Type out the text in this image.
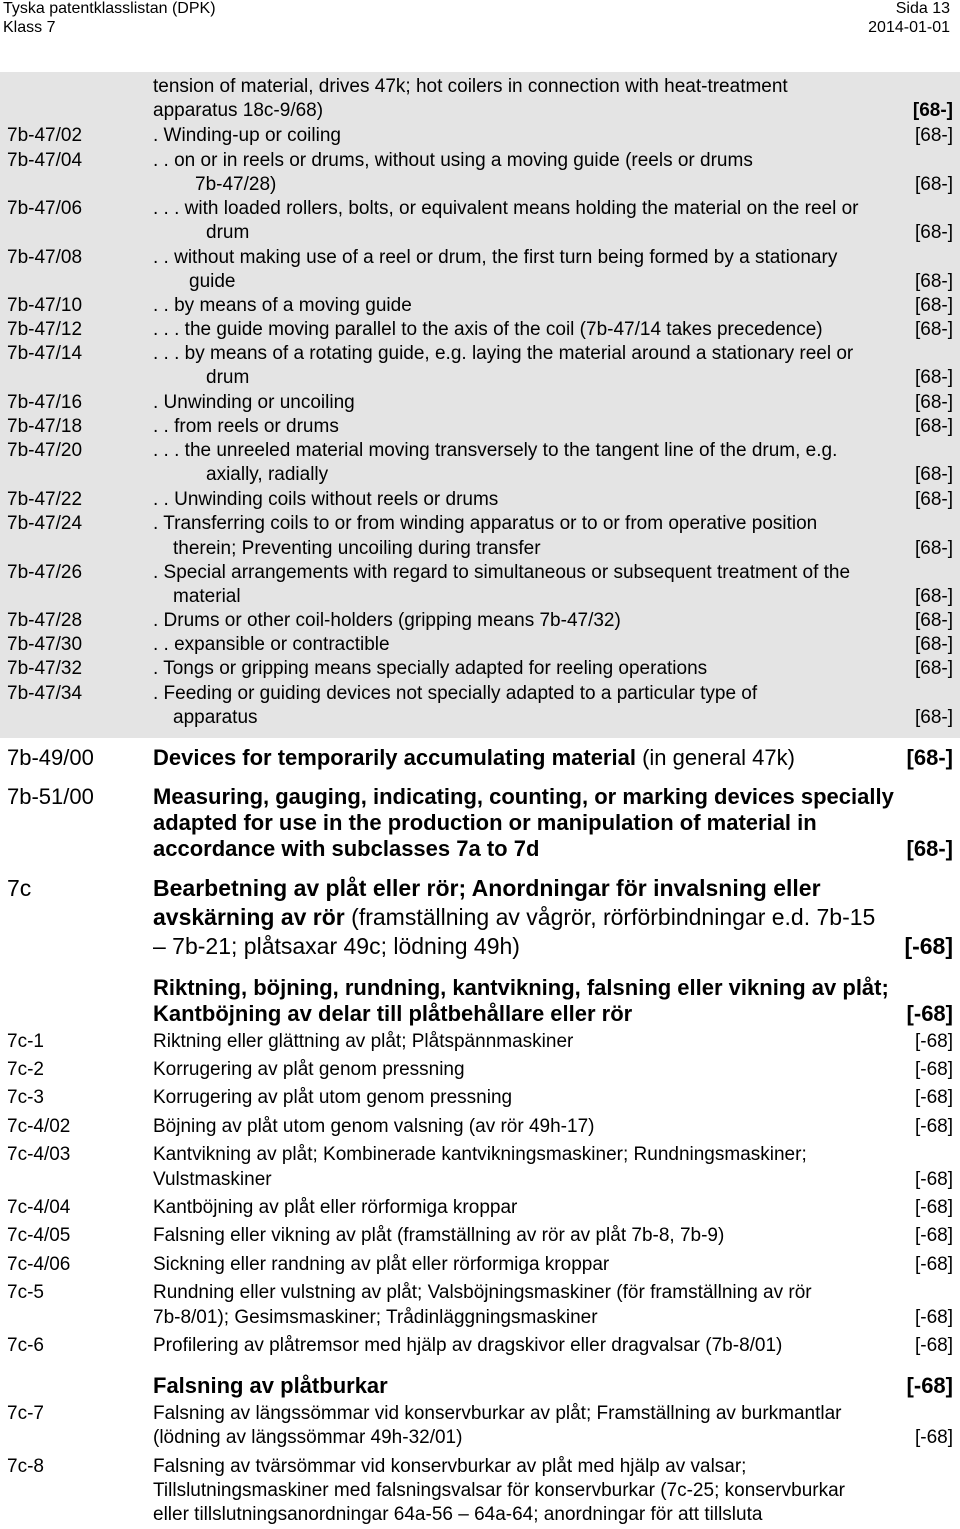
Tyska patentklasslistan (DPK)
Klass 7
Sida 13
2014-01-01
tension of material, drives 47k; hot coilers in connection with heat-treatment
apparatus 18c-9/68)	[68-]
7b-47/02	. Winding-up or coiling	[68-]
7b-47/04	. . on or in reels or drums, without using a moving guide (reels or drums
7b-47/28)	[68-]
7b-47/06	. . . with loaded rollers, bolts, or equivalent means holding the material on the reel or
drum	[68-]
7b-47/08	. . without making use of a reel or drum, the first turn being formed by a stationary
guide	[68-]
7b-47/10	. . by means of a moving guide	[68-]
7b-47/12	. . . the guide moving parallel to the axis of the coil (7b-47/14 takes precedence)	[68-]
7b-47/14	. . . by means of a rotating guide, e.g. laying the material around a stationary reel or
drum	[68-]
7b-47/16	. Unwinding or uncoiling	[68-]
7b-47/18	. . from reels or drums	[68-]
7b-47/20	. . . the unreeled material moving transversely to the tangent line of the drum, e.g.
axially, radially	[68-]
7b-47/22	. . Unwinding coils without reels or drums	[68-]
7b-47/24	. Transferring coils to or from winding apparatus or to or from operative position
therein; Preventing uncoiling during transfer	[68-]
7b-47/26	. Special arrangements with regard to simultaneous or subsequent treatment of the
material	[68-]
7b-47/28	. Drums or other coil-holders (gripping means 7b-47/32)	[68-]
7b-47/30	. . expansible or contractible	[68-]
7b-47/32	. Tongs or gripping means specially adapted for reeling operations	[68-]
7b-47/34	. Feeding or guiding devices not specially adapted to a particular type of
apparatus	[68-]
7b-49/00	Devices for temporarily accumulating material (in general 47k)	[68-]
7b-51/00	Measuring, gauging, indicating, counting, or marking devices specially
adapted for use in the production or manipulation of material in
accordance with subclasses 7a to 7d	[68-]
7c	Bearbetning av plåt eller rör; Anordningar för invalsning eller
avskärning av rör (framställning av vågrör, rörförbindningar e.d. 7b-15
– 7b-21; plåtsaxar 49c; lödning 49h)	[-68]
Riktning, böjning, rundning, kantvikning, falsning eller vikning av plåt;
Kantböjning av delar till plåtbehållare eller rör	[-68]
7c-1	Riktning eller glättning av plåt; Plåtspännmaskiner	[-68]
7c-2	Korrugering av plåt genom pressning	[-68]
7c-3	Korrugering av plåt utom genom pressning	[-68]
7c-4/02	Böjning av plåt utom genom valsning (av rör 49h-17)	[-68]
7c-4/03	Kantvikning av plåt; Kombinerade kantvikningsmaskiner; Rundningsmaskiner;
Vulstmaskiner	[-68]
7c-4/04	Kantböjning av plåt eller rörformiga kroppar	[-68]
7c-4/05	Falsning eller vikning av plåt (framställning av rör av plåt 7b-8, 7b-9)	[-68]
7c-4/06	Sickning eller randning av plåt eller rörformiga kroppar	[-68]
7c-5	Rundning eller vulstning av plåt; Valsböjningsmaskiner (för framställning av rör
7b-8/01); Gesimsmaskiner; Trådinläggningsmaskiner	[-68]
7c-6	Profilering av plåtremsor med hjälp av dragskivor eller dragvalsar (7b-8/01)	[-68]
Falsning av plåtburkar	[-68]
7c-7	Falsning av längssömmar vid konservburkar av plåt; Framställning av burkmantlar
(lödning av längssömmar 49h-32/01)	[-68]
7c-8	Falsning av tvärsömmar vid konservburkar av plåt med hjälp av valsar;
Tillslutningsmaskiner med falsningsvalsar för konservburkar (7c-25; konservburkar
eller tillslutningsanordningar 64a-56 – 64a-64; anordningar för att tillsluta
